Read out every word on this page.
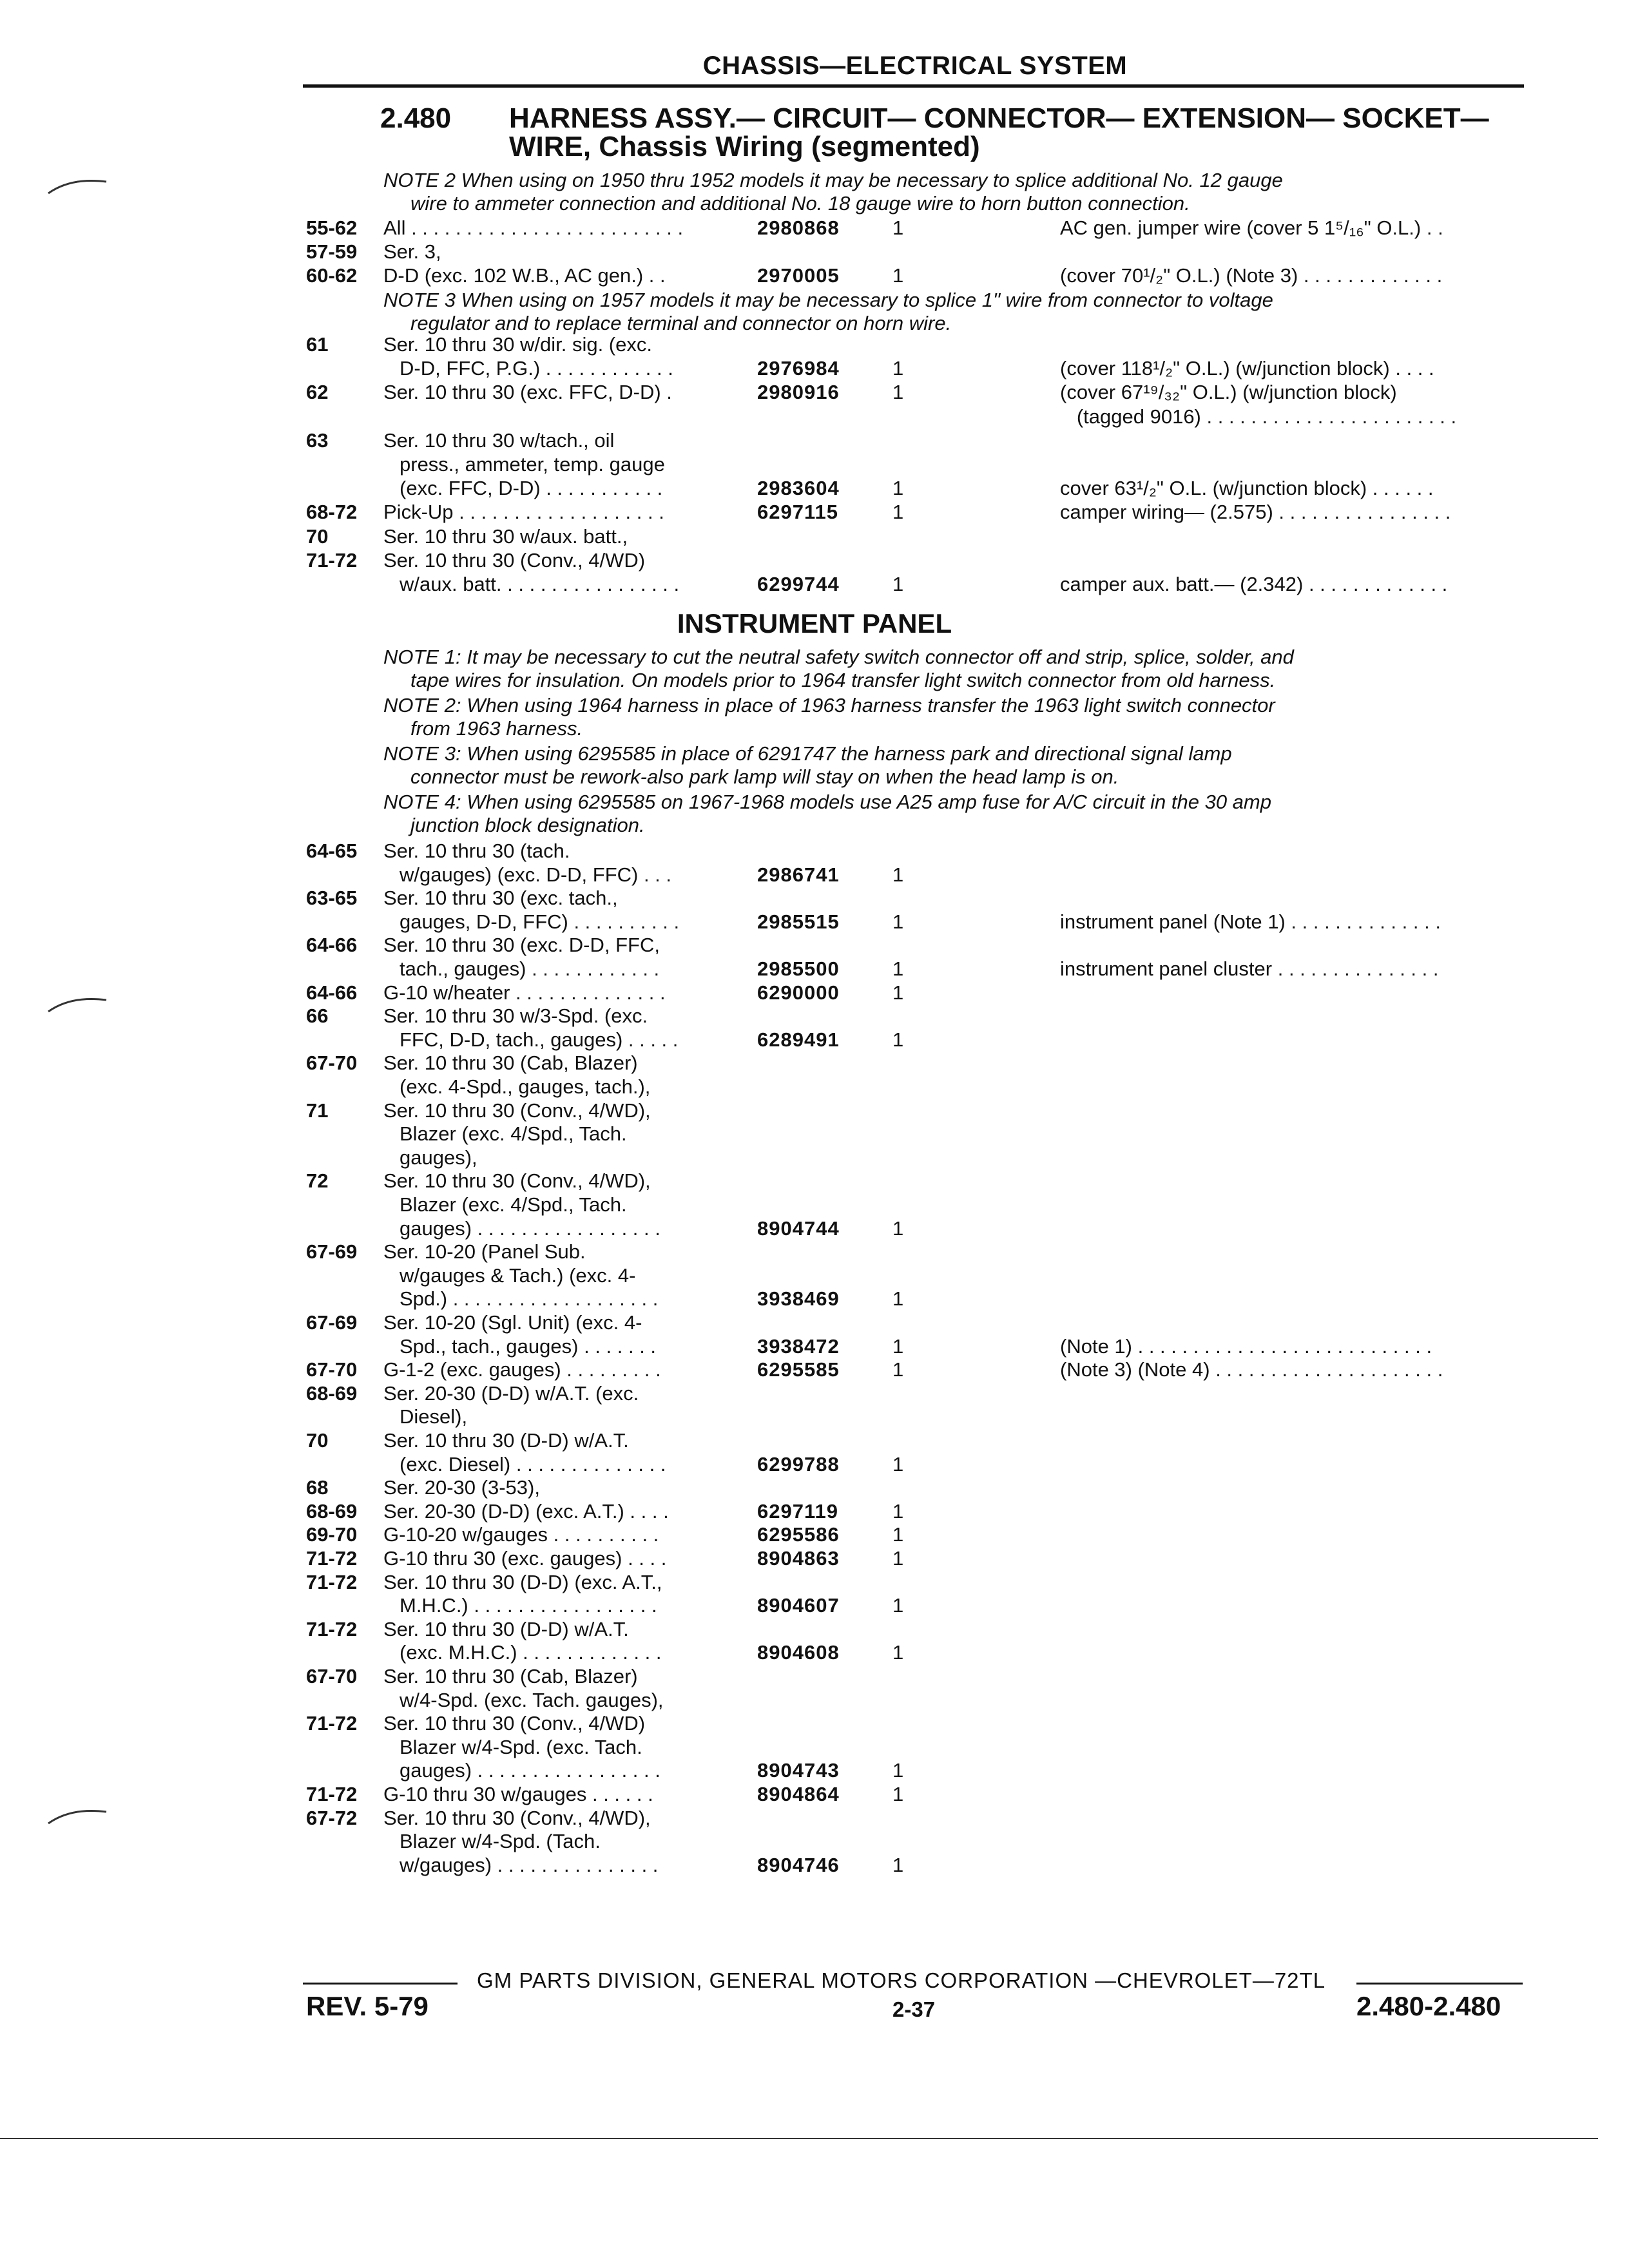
CHASSIS—ELECTRICAL SYSTEM
2.480 HARNESS ASSY.— CIRCUIT— CONNECTOR— EXTENSION— SOCKET—
WIRE, Chassis Wiring (segmented)
NOTE 2 When using on 1950 thru 1952 models it may be necessary to splice additional No. 12 gauge
wire to ammeter connection and additional No. 18 gauge wire to horn button connection.
55-62 All . . . . . . . . . . . . . . . . . . . . . . . . .	2980868	1	AC gen. jumper wire (cover 5 1⁵/₁₆" O.L.) . .
57-59 Ser. 3,
60-62 D-D (exc. 102 W.B., AC gen.) . .	2970005	1	(cover 70¹/₂" O.L.) (Note 3) . . . . . . . . . . . . .
NOTE 3 When using on 1957 models it may be necessary to splice 1" wire from connector to voltage
regulator and to replace terminal and connector on horn wire.
61	Ser. 10 thru 30 w/dir. sig. (exc.
D-D, FFC, P.G.) . . . . . . . . . . . .	2976984	1	(cover 118¹/₂" O.L.) (w/junction block) . . . .
62	Ser. 10 thru 30 (exc. FFC, D-D) .	2980916	1	(cover 67¹⁹/₃₂" O.L.) (w/junction block)
(tagged 9016) . . . . . . . . . . . . . . . . . . . . . . .
63	Ser. 10 thru 30 w/tach., oil
press., ammeter, temp. gauge
(exc. FFC, D-D) . . . . . . . . . . .	2983604	1	cover 63¹/₂" O.L. (w/junction block) . . . . . .
68-72 Pick-Up . . . . . . . . . . . . . . . . . . .	6297115	1	camper wiring— (2.575) . . . . . . . . . . . . . . . .
70	Ser. 10 thru 30 w/aux. batt.,
71-72 Ser. 10 thru 30 (Conv., 4/WD)
w/aux. batt. . . . . . . . . . . . . . . . .	6299744	1	camper aux. batt.— (2.342) . . . . . . . . . . . . .
INSTRUMENT PANEL
NOTE 1: It may be necessary to cut the neutral safety switch connector off and strip, splice, solder, and
tape wires for insulation. On models prior to 1964 transfer light switch connector from old harness.
NOTE 2: When using 1964 harness in place of 1963 harness transfer the 1963 light switch connector
from 1963 harness.
NOTE 3: When using 6295585 in place of 6291747 the harness park and directional signal lamp
connector must be rework-also park lamp will stay on when the head lamp is on.
NOTE 4: When using 6295585 on 1967-1968 models use A25 amp fuse for A/C circuit in the 30 amp
junction block designation.
64-65 Ser. 10 thru 30 (tach.
w/gauges) (exc. D-D, FFC) . . .	2986741	1
63-65 Ser. 10 thru 30 (exc. tach.,
gauges, D-D, FFC) . . . . . . . . . .	2985515	1	instrument panel (Note 1) . . . . . . . . . . . . . .
64-66 Ser. 10 thru 30 (exc. D-D, FFC,
tach., gauges) . . . . . . . . . . . .	2985500	1	instrument panel cluster . . . . . . . . . . . . . . .
64-66 G-10 w/heater . . . . . . . . . . . . . .	6290000	1
66	Ser. 10 thru 30 w/3-Spd. (exc.
FFC, D-D, tach., gauges) . . . . .	6289491	1
67-70 Ser. 10 thru 30 (Cab, Blazer)
(exc. 4-Spd., gauges, tach.),
71	Ser. 10 thru 30 (Conv., 4/WD),
Blazer (exc. 4/Spd., Tach.
gauges),
72	Ser. 10 thru 30 (Conv., 4/WD),
Blazer (exc. 4/Spd., Tach.
gauges) . . . . . . . . . . . . . . . . .	8904744	1
67-69 Ser. 10-20 (Panel Sub.
w/gauges & Tach.) (exc. 4-
Spd.) . . . . . . . . . . . . . . . . . . .	3938469	1
67-69 Ser. 10-20 (Sgl. Unit) (exc. 4-
Spd., tach., gauges) . . . . . . .	3938472	1	(Note 1) . . . . . . . . . . . . . . . . . . . . . . . . . . .
67-70 G-1-2 (exc. gauges) . . . . . . . . .	6295585	1	(Note 3) (Note 4) . . . . . . . . . . . . . . . . . . . . .
68-69 Ser. 20-30 (D-D) w/A.T. (exc.
Diesel),
70	Ser. 10 thru 30 (D-D) w/A.T.
(exc. Diesel) . . . . . . . . . . . . . .	6299788	1
68	Ser. 20-30 (3-53),
68-69 Ser. 20-30 (D-D) (exc. A.T.) . . . .	6297119	1
69-70 G-10-20 w/gauges . . . . . . . . . .	6295586	1
71-72 G-10 thru 30 (exc. gauges) . . . .	8904863	1
71-72 Ser. 10 thru 30 (D-D) (exc. A.T.,
M.H.C.) . . . . . . . . . . . . . . . . .	8904607	1
71-72 Ser. 10 thru 30 (D-D) w/A.T.
(exc. M.H.C.) . . . . . . . . . . . . .	8904608	1
67-70 Ser. 10 thru 30 (Cab, Blazer)
w/4-Spd. (exc. Tach. gauges),
71-72 Ser. 10 thru 30 (Conv., 4/WD)
Blazer w/4-Spd. (exc. Tach.
gauges) . . . . . . . . . . . . . . . . .	8904743	1
71-72 G-10 thru 30 w/gauges . . . . . .	8904864	1
67-72 Ser. 10 thru 30 (Conv., 4/WD),
Blazer w/4-Spd. (Tach.
w/gauges) . . . . . . . . . . . . . . .	8904746	1
GM PARTS DIVISION, GENERAL MOTORS CORPORATION —CHEVROLET—72TL
REV. 5-79	2-37	2.480-2.480
